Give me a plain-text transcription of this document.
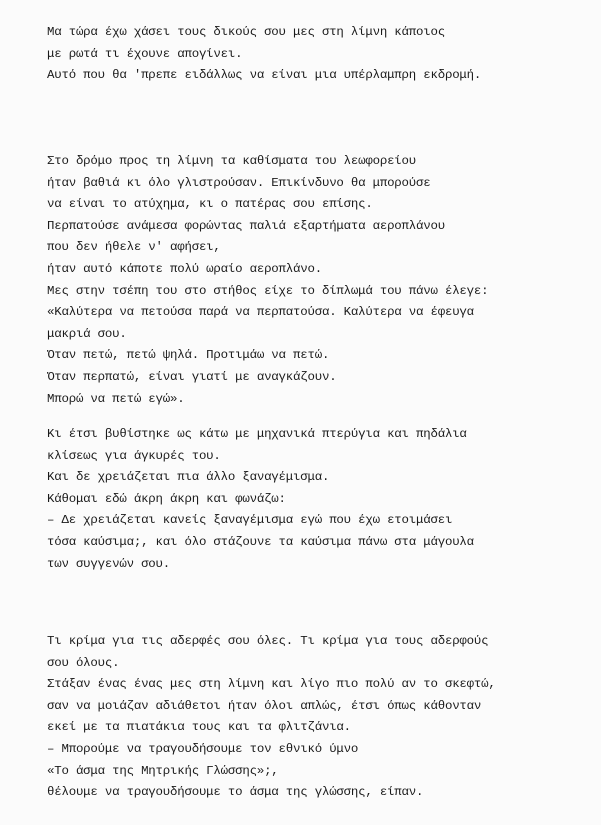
Μα τώρα έχω χάσει τους δικούς σου μες στη λίμνη κάποιος
με ρωτά τι έχουνε απογίνει.
Αυτό που θα 'πρεπε ειδάλλως να είναι μια υπέρλαμπρη εκδρομή.
Στο δρόμο προς τη λίμνη τα καθίσματα του λεωφορείου
ήταν βαθιά κι όλο γλιστρούσαν. Επικίνδυνο θα μπορούσε
να είναι το ατύχημα, κι ο πατέρας σου επίσης.
Περπατούσε ανάμεσα φορώντας παλιά εξαρτήματα αεροπλάνου
που δεν ήθελε ν' αφήσει,
ήταν αυτό κάποτε πολύ ωραίο αεροπλάνο.
Μες στην τσέπη του στο στήθος είχε το δίπλωμά του πάνω έλεγε:
«Καλύτερα να πετούσα παρά να περπατούσα. Καλύτερα να έφευγα
μακριά σου.
Όταν πετώ, πετώ ψηλά. Προτιμάω να πετώ.
Όταν περπατώ, είναι γιατί με αναγκάζουν.
Μπορώ να πετώ εγώ».
Κι έτσι βυθίστηκε ως κάτω με μηχανικά πτερύγια και πηδάλια
κλίσεως για άγκυρές του.
Και δε χρειάζεται πια άλλο ξαναγέμισμα.
Κάθομαι εδώ άκρη άκρη και φωνάζω:
– Δε χρειάζεται κανείς ξαναγέμισμα εγώ που έχω ετοιμάσει
τόσα καύσιμα;, και όλο στάζουνε τα καύσιμα πάνω στα μάγουλα
των συγγενών σου.
Τι κρίμα για τις αδερφές σου όλες. Τι κρίμα για τους αδερφούς
σου όλους.
Στάξαν ένας ένας μες στη λίμνη και λίγο πιο πολύ αν το σκεφτώ,
σαν να μοιάζαν αδιάθετοι ήταν όλοι απλώς, έτσι όπως κάθονταν
εκεί με τα πιατάκια τους και τα φλιτζάνια.
– Μπορούμε να τραγουδήσουμε τον εθνικό ύμνο
«Το άσμα της Μητρικής Γλώσσης»;,
θέλουμε να τραγουδήσουμε το άσμα της γλώσσης, είπαν.
